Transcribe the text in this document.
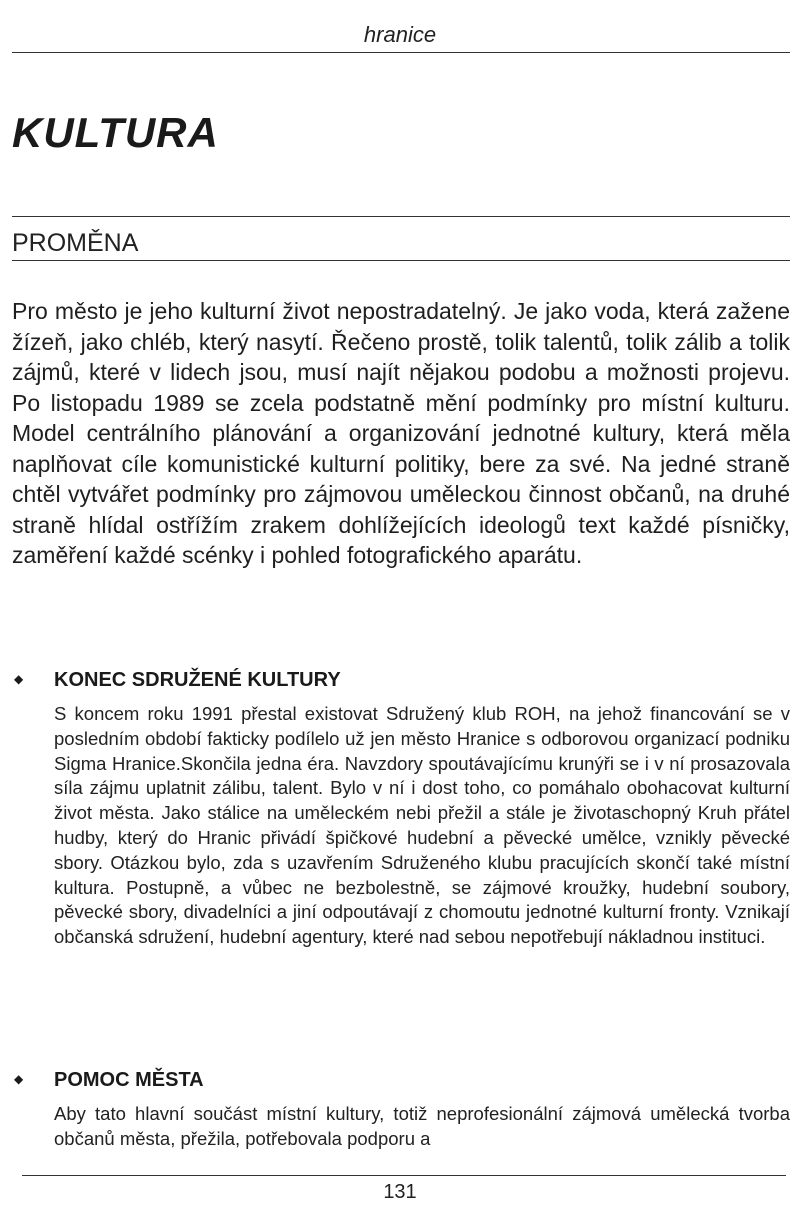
hranice
KULTURA
PROMĚNA

Pro město je jeho kulturní život nepostradatelný. Je jako voda, která zažene žízeň, jako chléb, který nasytí. Řečeno prostě, tolik talentů, tolik zálib a tolik zájmů, které v lidech jsou, musí najít nějakou podobu a možnosti projevu. Po listopadu 1989 se zcela podstatně mění podmínky pro místní kulturu. Model centrálního plánování a organizování jednotné kultury, která měla naplňovat cíle komunistické kulturní politiky, bere za své. Na jedné straně chtěl vytvářet podmínky pro zájmovou uměleckou činnost občanů, na druhé straně hlídal ostřížím zrakem dohlížejících ideologů text každé písničky, zaměření každé scénky i pohled fotografického aparátu.

◆ KONEC SDRUŽENÉ KULTURY

S koncem roku 1991 přestal existovat Sdružený klub ROH, na jehož financování se v posledním období fakticky podílelo už jen město Hranice s odborovou organizací podniku Sigma Hranice.Skončila jedna éra. Navzdory spoutávajícímu krunýři se i v ní prosazovala síla zájmu uplatnit zálibu, talent. Bylo v ní i dost toho, co pomáhalo obohacovat kulturní život města. Jako stálice na uměleckém nebi přežil a stále je životaschopný Kruh přátel hudby, který do Hranic přivádí špičkové hudební a pěvecké umělce, vznikly pěvecké sbory. Otázkou bylo, zda s uzavřením Sdruženého klubu pracujících skončí také místní kultura. Postupně, a vůbec ne bezbolestně, se zájmové kroužky, hudební soubory, pěvecké sbory, divadelníci a jiní odpoutávají z chomoutu jednotné kulturní fronty. Vznikají občanská sdružení, hudební agentury, které nad sebou nepotřebují nákladnou instituci.

◆ POMOC MĚSTA

Aby tato hlavní součást místní kultury, totiž neprofesionální zájmová umělecká tvorba občanů města, přežila, potřebovala podporu a

131
